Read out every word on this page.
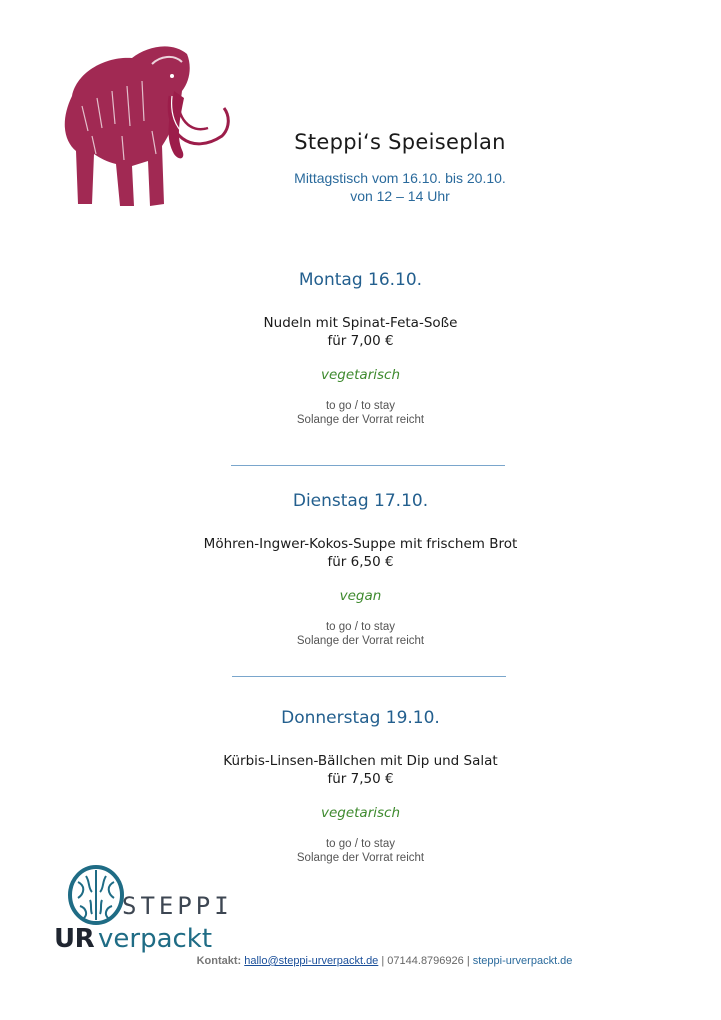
Steppi‘s Speiseplan
Mittagstisch vom 16.10. bis 20.10.
von 12 – 14 Uhr
Montag 16.10.
Nudeln mit Spinat-Feta-Soße
für 7,00 €
vegetarisch
to go / to stay
Solange der Vorrat reicht
Dienstag 17.10.
Möhren-Ingwer-Kokos-Suppe mit frischem Brot
für 6,50 €
vegan
to go / to stay
Solange der Vorrat reicht
Donnerstag 19.10.
Kürbis-Linsen-Bällchen mit Dip und Salat
für 7,50 €
vegetarisch
to go / to stay
Solange der Vorrat reicht
STEPPI
UR verpackt
Kontakt: hallo@steppi-urverpackt.de | 07144.8796926 | steppi-urverpackt.de
